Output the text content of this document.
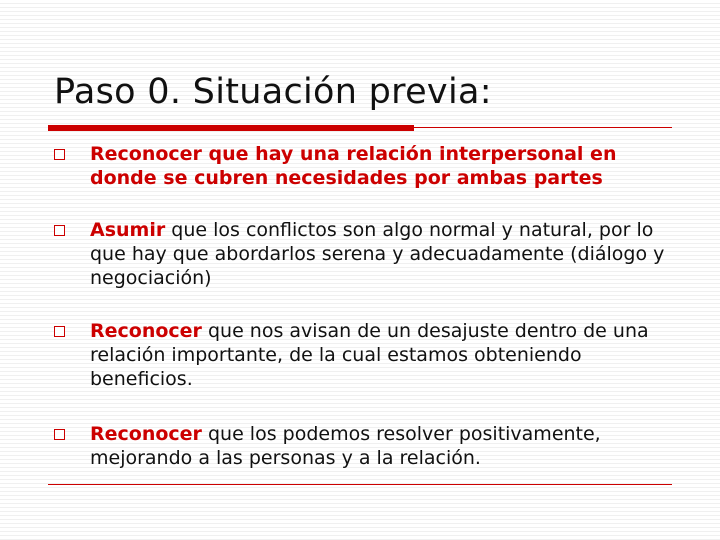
Paso 0. Situación previa:
Reconocer que hay una relación interpersonal en donde se cubren necesidades por ambas partes
Asumir que los conflictos son algo normal y natural, por lo que hay que abordarlos serena y adecuadamente (diálogo y negociación)
Reconocer que nos avisan de un desajuste dentro de una relación importante, de la cual estamos obteniendo beneficios.
Reconocer que los podemos resolver positivamente, mejorando a las personas y a la relación.
